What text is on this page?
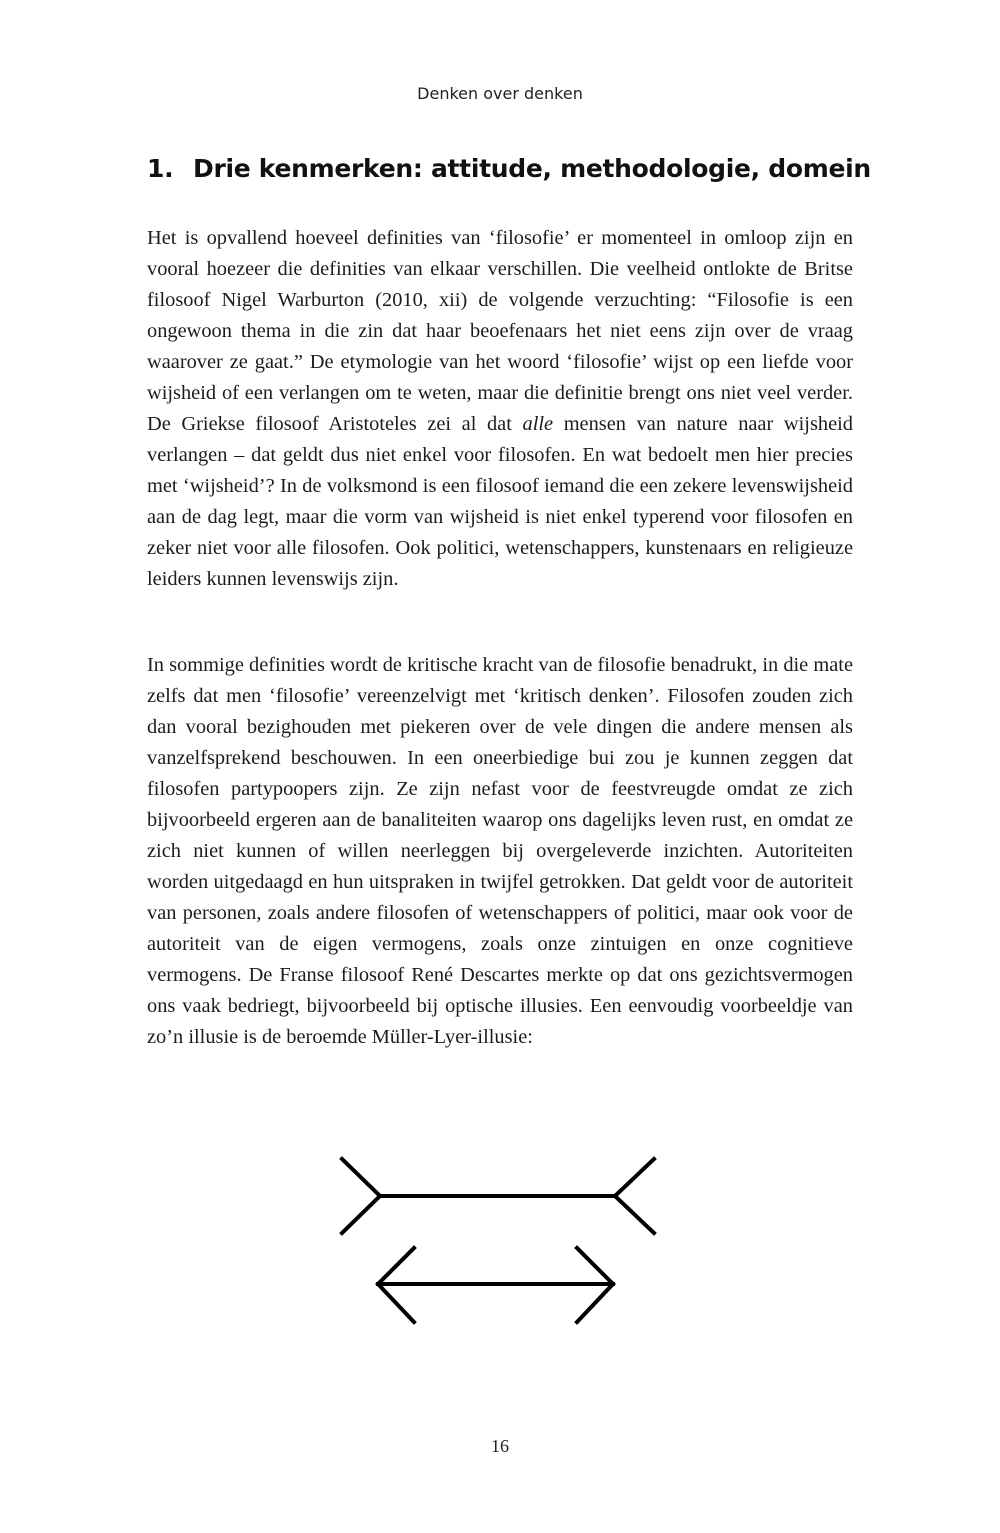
Denken over denken
1. Drie kenmerken: attitude, methodologie, domein

Het is opvallend hoeveel definities van ‘filosofie’ er momenteel in omloop zijn en vooral hoezeer die definities van elkaar verschillen. Die veelheid ontlokte de Britse filosoof Nigel Warburton (2010, xii) de volgende verzuchting: “Filosofie is een ongewoon thema in die zin dat haar beoefenaars het niet eens zijn over de vraag waarover ze gaat.” De etymologie van het woord ‘filosofie’ wijst op een liefde voor wijsheid of een verlangen om te weten, maar die definitie brengt ons niet veel verder. De Griekse filosoof Aristoteles zei al dat alle mensen van nature naar wijsheid verlangen – dat geldt dus niet enkel voor filosofen. En wat bedoelt men hier precies met ‘wijsheid’? In de volksmond is een filosoof iemand die een zekere levenswijsheid aan de dag legt, maar die vorm van wijsheid is niet enkel typerend voor filosofen en zeker niet voor alle filosofen. Ook politici, wetenschappers, kunstenaars en religieuze leiders kunnen levenswijs zijn.

In sommige definities wordt de kritische kracht van de filosofie benadrukt, in die mate zelfs dat men ‘filosofie’ vereenzelvigt met ‘kritisch denken’. Filosofen zouden zich dan vooral bezighouden met piekeren over de vele dingen die andere mensen als vanzelfsprekend beschouwen. In een oneerbiedige bui zou je kunnen zeggen dat filosofen partypoopers zijn. Ze zijn nefast voor de feestvreugde omdat ze zich bijvoorbeeld ergeren aan de banaliteiten waarop ons dagelijks leven rust, en omdat ze zich niet kunnen of willen neerleggen bij overgeleverde inzichten. Autoriteiten worden uitgedaagd en hun uitspraken in twijfel getrokken. Dat geldt voor de autoriteit van personen, zoals andere filosofen of wetenschappers of politici, maar ook voor de autoriteit van de eigen vermogens, zoals onze zintuigen en onze cognitieve vermogens. De Franse filosoof René Descartes merkte op dat ons gezichtsvermogen ons vaak bedriegt, bijvoorbeeld bij optische illusies. Een eenvoudig voorbeeldje van zo’n illusie is de beroemde Müller-Lyer-illusie:

16
